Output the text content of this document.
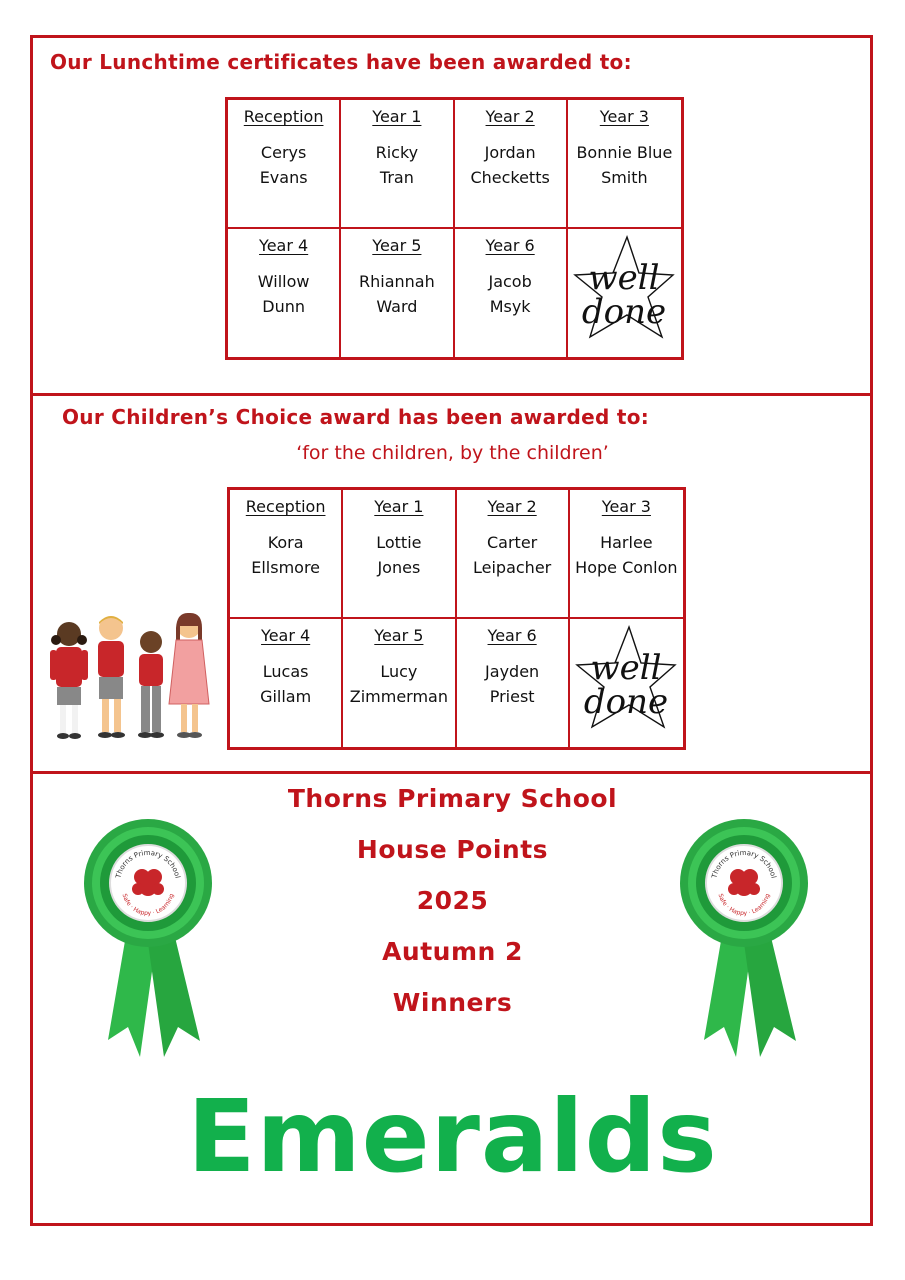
Our Lunchtime certificates have been awarded to:
Reception
Cerys
Evans
Year 1
Ricky
Tran
Year 2
Jordan
Checketts
Year 3
Bonnie Blue
Smith
Year 4
Willow
Dunn
Year 5
Rhiannah
Ward
Year 6
Jacob
Msyk
well
done
Our Children’s Choice award has been awarded to:
‘for the children, by the children’
Reception
Kora
Ellsmore
Year 1
Lottie
Jones
Year 2
Carter
Leipacher
Year 3
Harlee
Hope Conlon
Year 4
Lucas
Gillam
Year 5
Lucy
Zimmerman
Year 6
Jayden
Priest
well
done
Thorns Primary School
House Points
2025
Autumn 2
Winners
Emeralds
Thorns Primary School
Safe · Happy · Learning
Thorns Primary School
Safe · Happy · Learning
